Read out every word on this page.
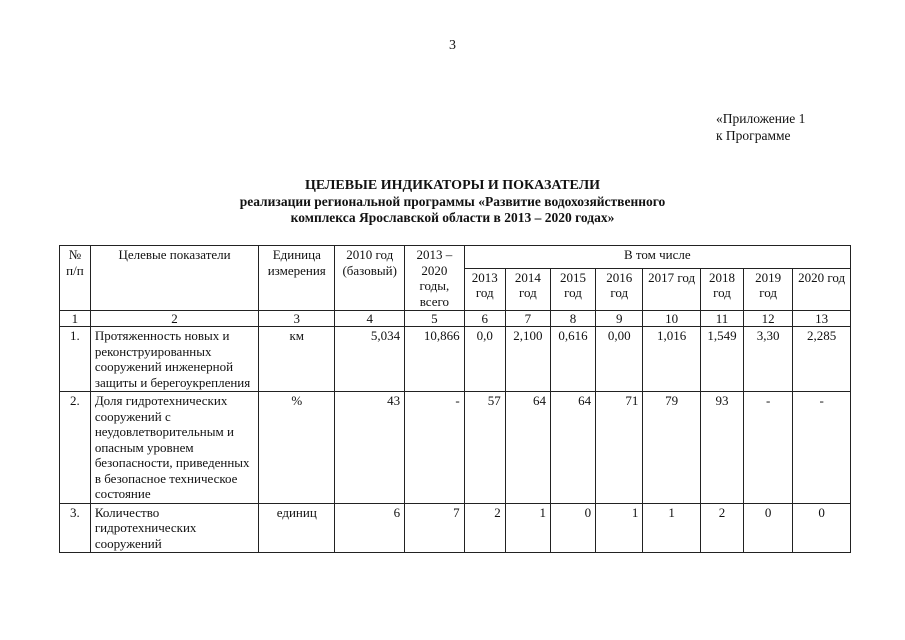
3
«Приложение 1
к Программе
ЦЕЛЕВЫЕ ИНДИКАТОРЫ И ПОКАЗАТЕЛИ
реализации региональной программы «Развитие водохозяйственного
комплекса Ярославской области в 2013 – 2020 годах»
№ п/п	Целевые показатели	Единица измерения	2010 год (базовый)	2013 – 2020 годы, всего	В том числе							
					2013 год	2014 год	2015 год	2016 год	2017 год	2018 год	2019 год	2020 год
1	2	3	4	5	6	7	8	9	10	11	12	13
1.	Протяженность новых и реконструированных сооружений инженерной защиты и берегоукрепления	км	5,034	10,866	0,0	2,100	0,616	0,00	1,016	1,549	3,30	2,285
2.	Доля гидротехнических сооружений с неудовлетворительным и опасным уровнем безопасности, приведенных в безопасное техническое состояние	%	43	-	57	64	64	71	79	93	-	-
3.	Количество гидротехнических сооружений	единиц	6	7	2	1	0	1	1	2	0	0
